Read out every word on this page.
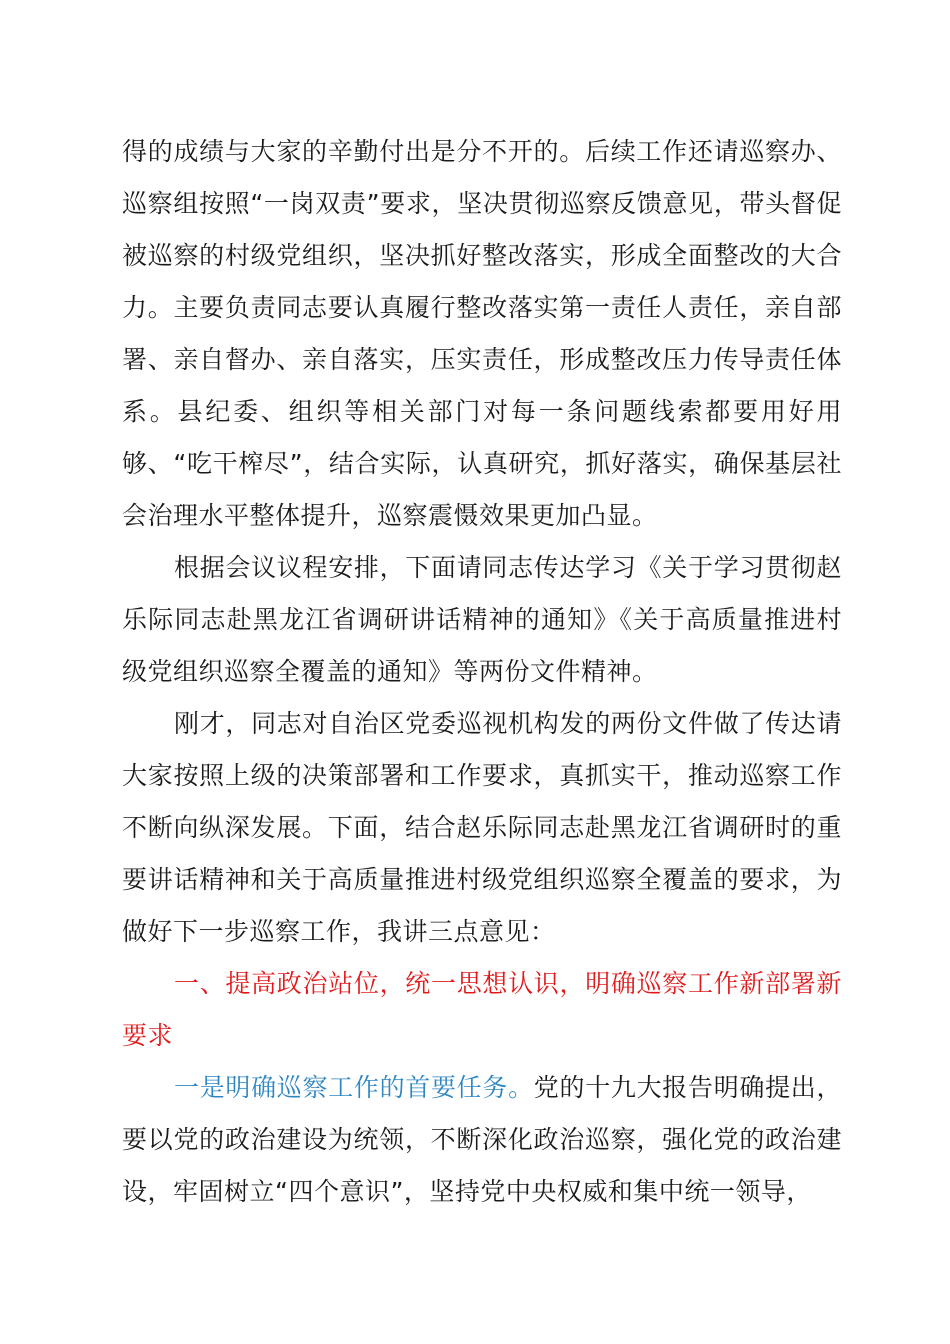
得的成绩与大家的辛勤付出是分不开的。后续工作还请巡察办、巡察组按照“一岗双责”要求，坚决贯彻巡察反馈意见，带头督促被巡察的村级党组织，坚决抓好整改落实，形成全面整改的大合力。主要负责同志要认真履行整改落实第一责任人责任，亲自部署、亲自督办、亲自落实，压实责任，形成整改压力传导责任体系。县纪委、组织等相关部门对每一条问题线索都要用好用够、“吃干榨尽”，结合实际，认真研究，抓好落实，确保基层社会治理水平整体提升，巡察震慑效果更加凸显。

根据会议议程安排，下面请同志传达学习《关于学习贯彻赵乐际同志赴黑龙江省调研讲话精神的通知》《关于高质量推进村级党组织巡察全覆盖的通知》等两份文件精神。

刚才，同志对自治区党委巡视机构发的两份文件做了传达请大家按照上级的决策部署和工作要求，真抓实干，推动巡察工作不断向纵深发展。下面，结合赵乐际同志赴黑龙江省调研时的重要讲话精神和关于高质量推进村级党组织巡察全覆盖的要求，为做好下一步巡察工作，我讲三点意见：

一、提高政治站位，统一思想认识，明确巡察工作新部署新要求

一是明确巡察工作的首要任务。党的十九大报告明确提出，要以党的政治建设为统领，不断深化政治巡察，强化党的政治建设，牢固树立“四个意识”，坚持党中央权威和集中统一领导，
